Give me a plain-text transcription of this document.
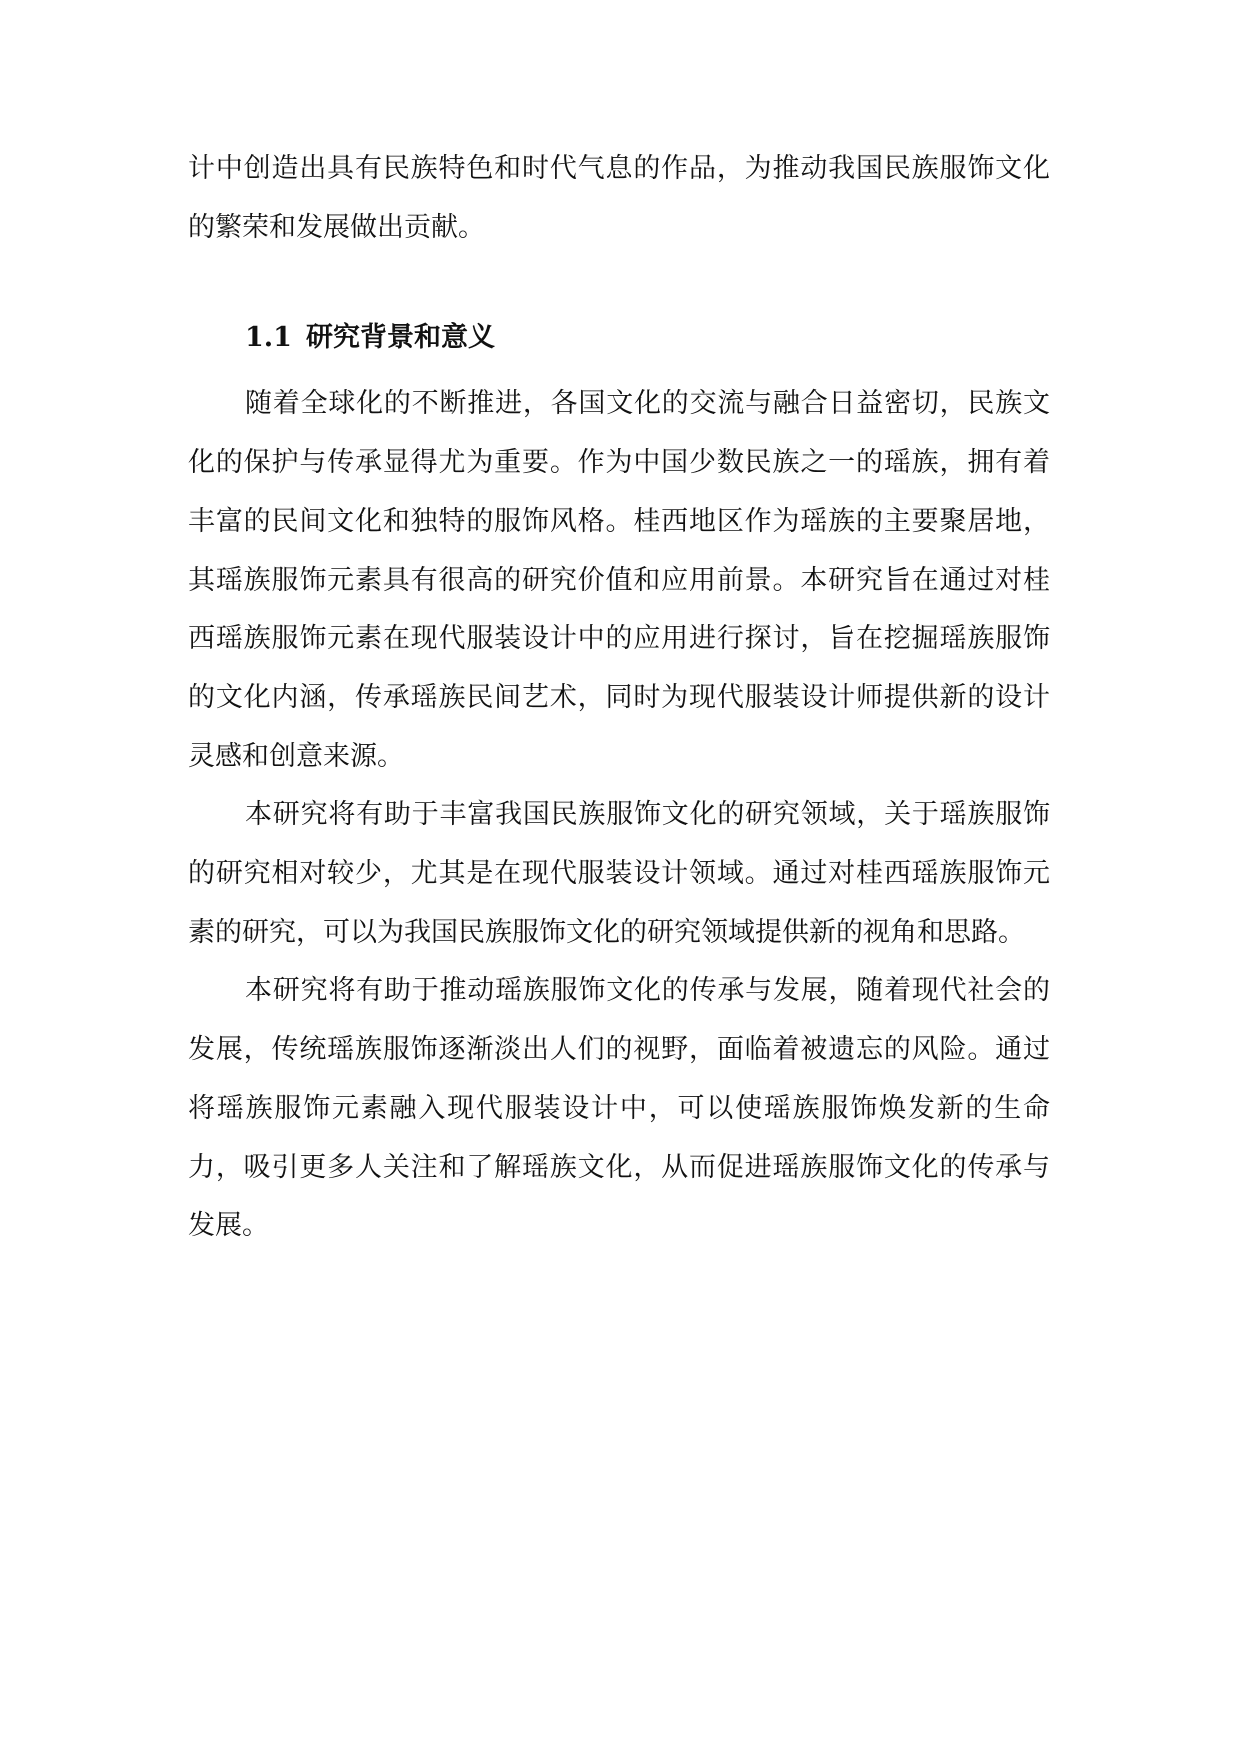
计中创造出具有民族特色和时代气息的作品，为推动我国民族服饰文化的繁荣和发展做出贡献。

1.1 研究背景和意义

随着全球化的不断推进，各国文化的交流与融合日益密切，民族文化的保护与传承显得尤为重要。作为中国少数民族之一的瑶族，拥有着丰富的民间文化和独特的服饰风格。桂西地区作为瑶族的主要聚居地，其瑶族服饰元素具有很高的研究价值和应用前景。本研究旨在通过对桂西瑶族服饰元素在现代服装设计中的应用进行探讨，旨在挖掘瑶族服饰的文化内涵，传承瑶族民间艺术，同时为现代服装设计师提供新的设计灵感和创意来源。

本研究将有助于丰富我国民族服饰文化的研究领域，关于瑶族服饰的研究相对较少，尤其是在现代服装设计领域。通过对桂西瑶族服饰元素的研究，可以为我国民族服饰文化的研究领域提供新的视角和思路。

本研究将有助于推动瑶族服饰文化的传承与发展，随着现代社会的发展，传统瑶族服饰逐渐淡出人们的视野，面临着被遗忘的风险。通过将瑶族服饰元素融入现代服装设计中，可以使瑶族服饰焕发新的生命力，吸引更多人关注和了解瑶族文化，从而促进瑶族服饰文化的传承与发展。
